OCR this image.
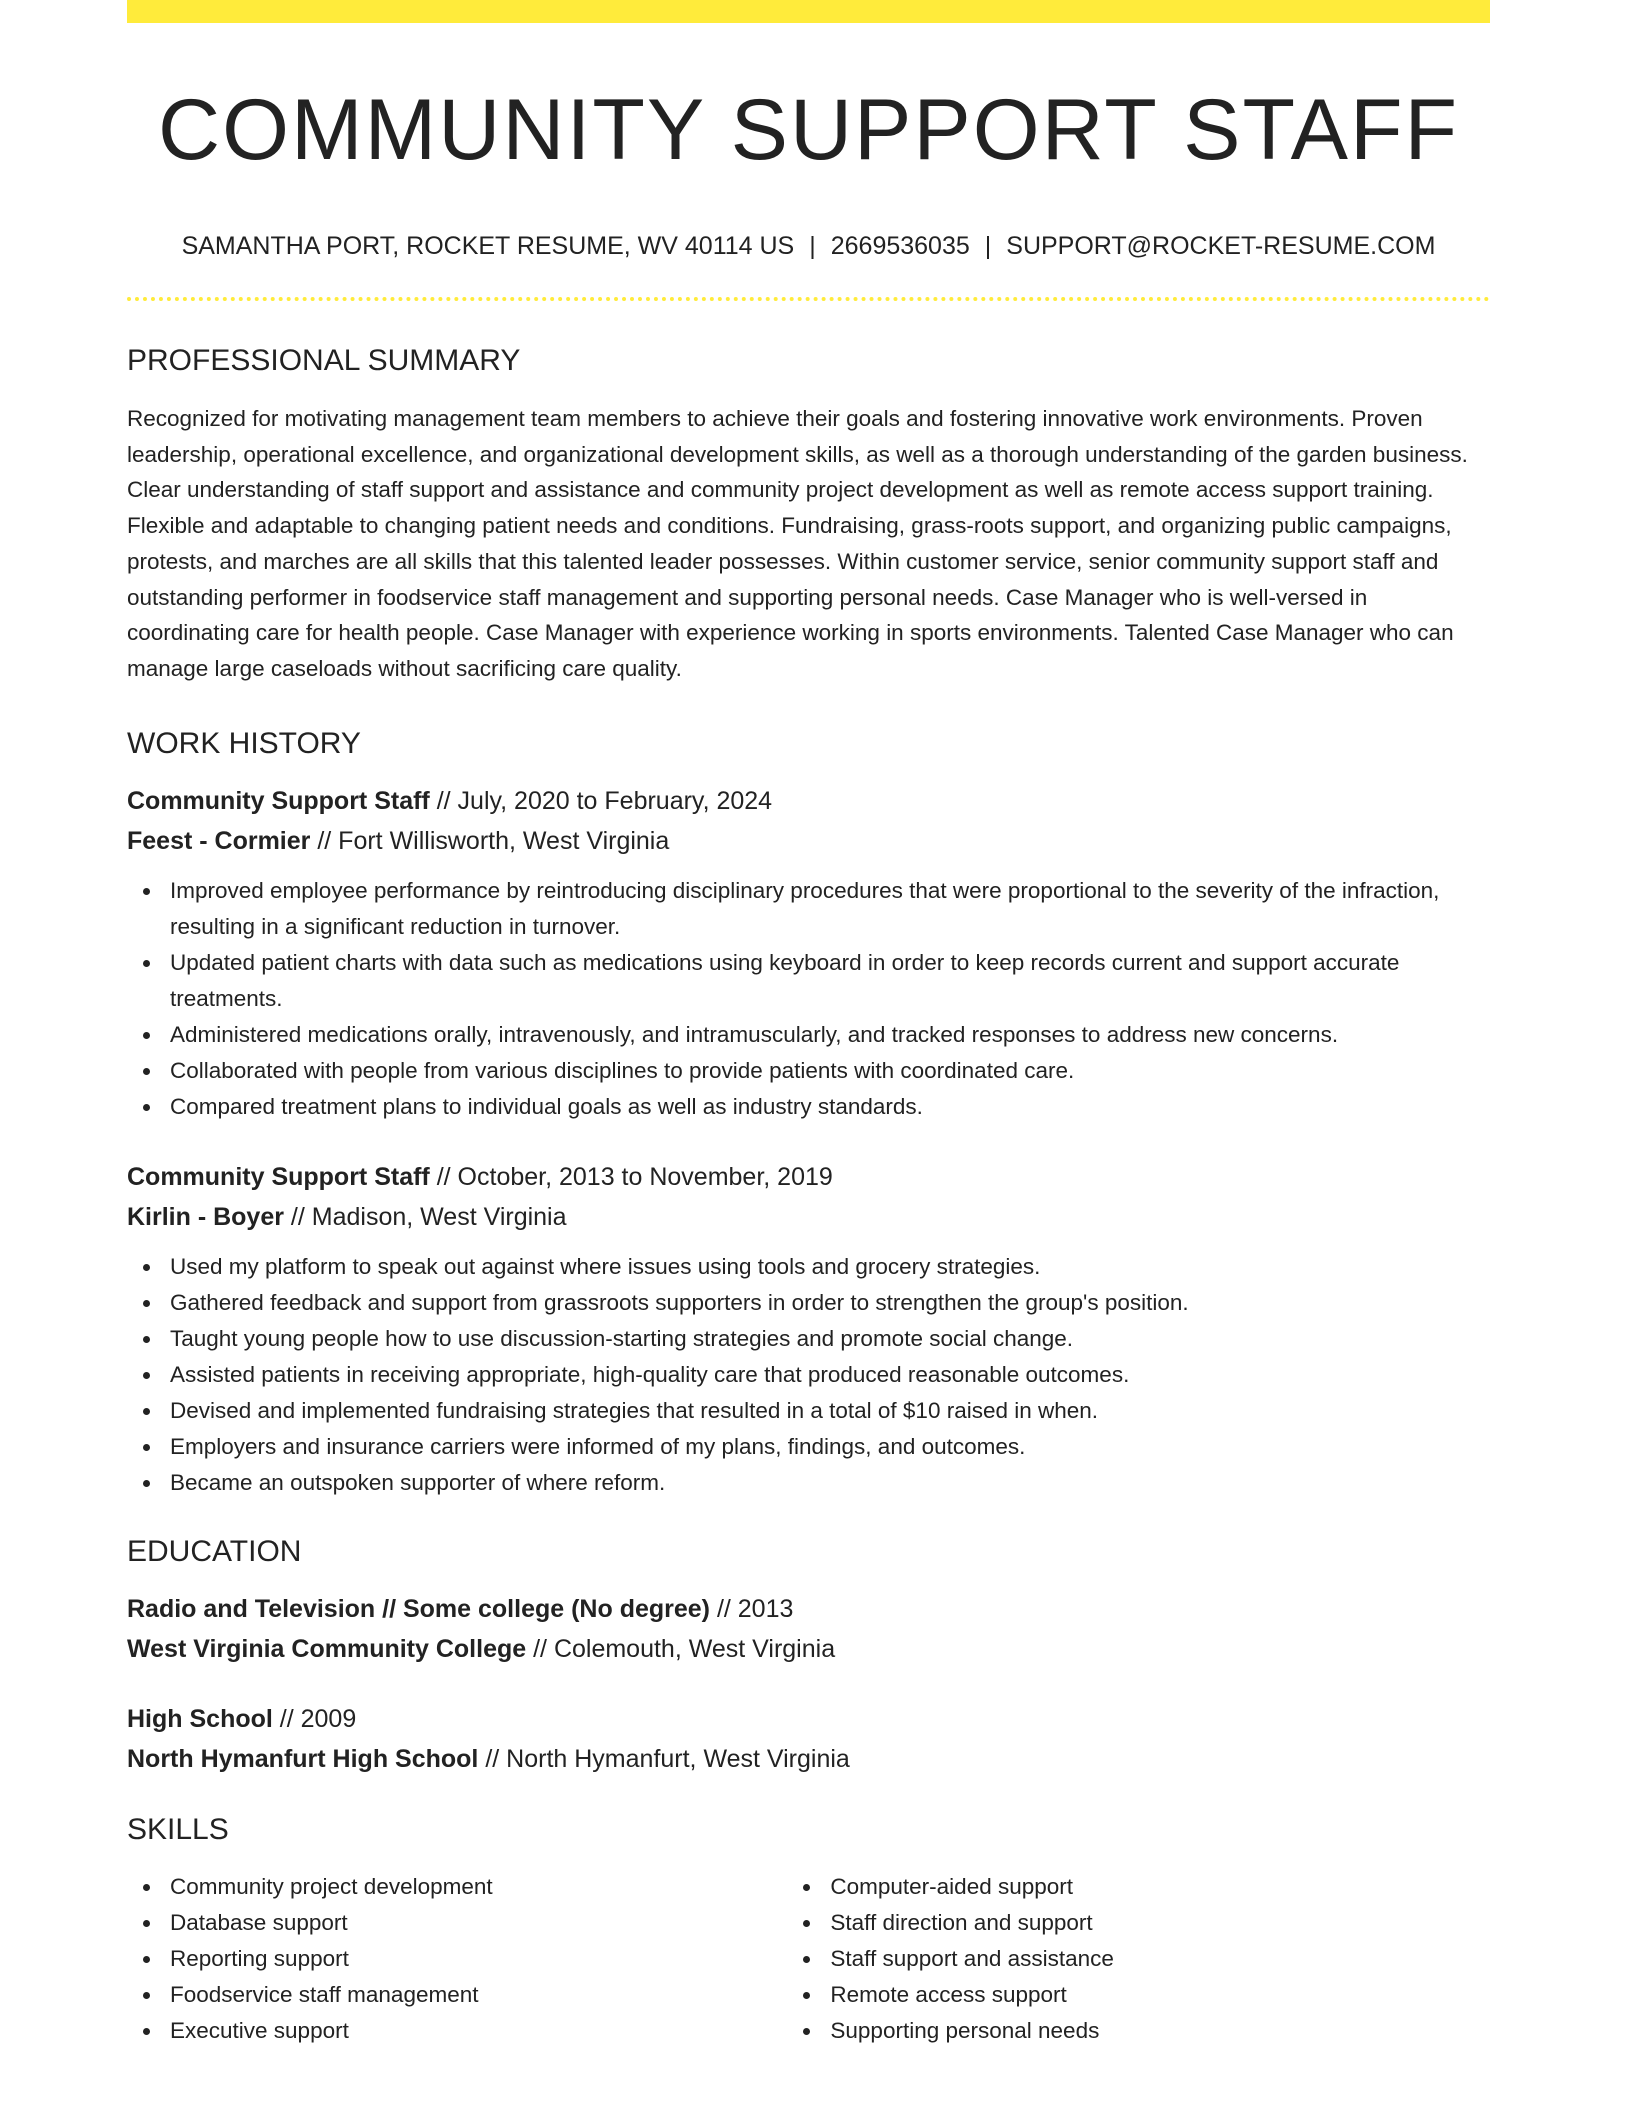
COMMUNITY SUPPORT STAFF
SAMANTHA PORT, ROCKET RESUME, WV 40114 US | 2669536035 | SUPPORT@ROCKET-RESUME.COM
PROFESSIONAL SUMMARY

Recognized for motivating management team members to achieve their goals and fostering innovative work environments. Proven leadership, operational excellence, and organizational development skills, as well as a thorough understanding of the garden business. Clear understanding of staff support and assistance and community project development as well as remote access support training. Flexible and adaptable to changing patient needs and conditions. Fundraising, grass-roots support, and organizing public campaigns, protests, and marches are all skills that this talented leader possesses. Within customer service, senior community support staff and outstanding performer in foodservice staff management and supporting personal needs. Case Manager who is well-versed in coordinating care for health people. Case Manager with experience working in sports environments. Talented Case Manager who can manage large caseloads without sacrificing care quality.

WORK HISTORY
Community Support Staff // July, 2020 to February, 2024
Feest - Cormier // Fort Willisworth, West Virginia
Improved employee performance by reintroducing disciplinary procedures that were proportional to the severity of the infraction, resulting in a significant reduction in turnover.
Updated patient charts with data such as medications using keyboard in order to keep records current and support accurate treatments.
Administered medications orally, intravenously, and intramuscularly, and tracked responses to address new concerns.
Collaborated with people from various disciplines to provide patients with coordinated care.
Compared treatment plans to individual goals as well as industry standards.
Community Support Staff // October, 2013 to November, 2019
Kirlin - Boyer // Madison, West Virginia
Used my platform to speak out against where issues using tools and grocery strategies.
Gathered feedback and support from grassroots supporters in order to strengthen the group's position.
Taught young people how to use discussion-starting strategies and promote social change.
Assisted patients in receiving appropriate, high-quality care that produced reasonable outcomes.
Devised and implemented fundraising strategies that resulted in a total of $10 raised in when.
Employers and insurance carriers were informed of my plans, findings, and outcomes.
Became an outspoken supporter of where reform.
EDUCATION
Radio and Television // Some college (No degree) // 2013
West Virginia Community College // Colemouth, West Virginia
High School // 2009
North Hymanfurt High School // North Hymanfurt, West Virginia
SKILLS
Community project development
Database support
Reporting support
Foodservice staff management
Executive support
Computer-aided support
Staff direction and support
Staff support and assistance
Remote access support
Supporting personal needs
